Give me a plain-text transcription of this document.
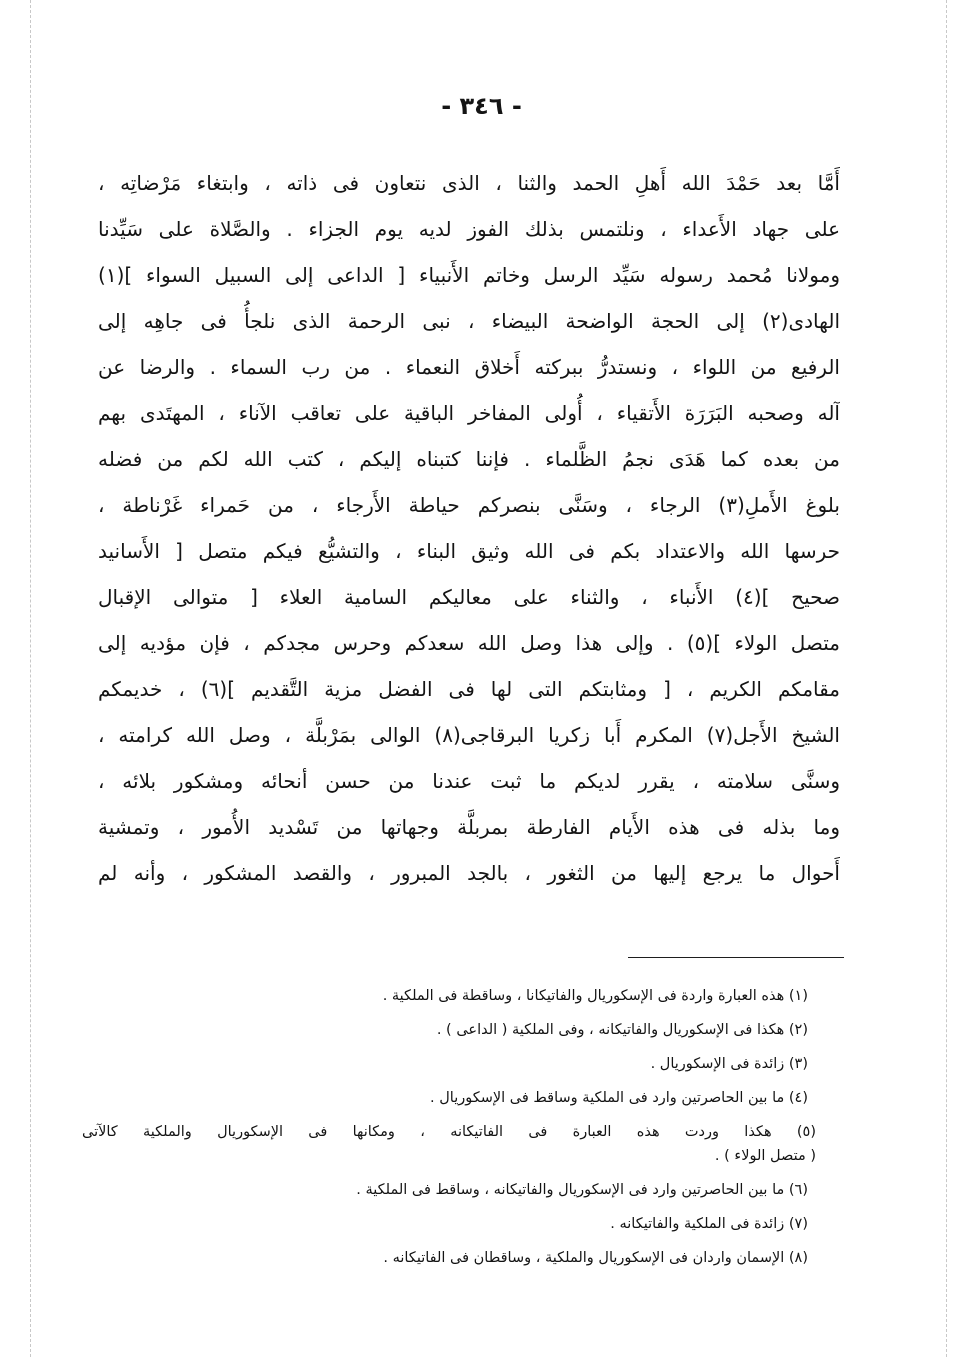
- ٣٤٦ -
أَمَّا بعد حَمْدَ الله أَهلِ الحمد والثنا ، الذى نتعاون فى ذاته ، وابتغاء مَرْضاتِه ،
على جهاد الأَعداء ، ونلتمس بذلك الفوز لديه يوم الجزاء . والصَّلاة على سَيِّدنا
ومولانا مُحمد رسوله سَيِّد الرسل وخاتم الأَنبياء [ الداعى إلى السبيل السواء ](١)
الهادى(٢) إلى الحجة الواضحة البيضاء ، نبى الرحمة الذى نلجأُ فى جاهِه إلى
الرفيع من اللواء ، ونستدرُّ ببركته أَخلاق النعماء . من رب السماء . والرضا عن
آله وصحبه البَرَرَة الأَتقياء ، أُولى المفاخر الباقية على تعاقب الآناء ، المهتَدى بهم
من بعده كما هَدَى نجمُ الظَّلماء . فإننا كتبناه إليكم ، كتب الله لكم من فضله
بلوغ الأَملِ(٣) الرجاء ، وسَنَّى بنصركم حياطة الأَرجاء ، من حَمراء غَرْناطة ،
حرسها الله والاعتداد بكم فى الله وثيق البناء ، والتشيُّع فيكم متصل [ الأَسانيد
صحيح ](٤) الأَنباء ، والثناء على معاليكم السامية العلاء [ متوالى الإقبال
متصل الولاء ](٥) . وإلى هذا وصل الله سعدكم وحرس مجدكم ، فإن مؤديه إلى
مقامكم الكريم ، [ ومثابتكم التى لها فى الفضل مزية التَّقديم ](٦) ، خديمكم
الشيخ الأَجل(٧) المكرم أَبا زكريا البرقاجى(٨) الوالى بمَرْبلَّة ، وصل الله كرامته ،
وسنَّى سلامته ، يقرر لديكم ما ثبت عندنا من حسن أنحائه ومشكور بلائه ،
وما بذله فى هذه الأَيام الفارطة بمربلَّة وجهاتها من تَسْديد الأُمور ، وتمشية
أَحوال ما يرجع إليها من الثغور ، بالجد المبرور ، والقصد المشكور ، وأنه لم
(١) هذه العبارة واردة فى الإسكوريال والفاتيكانا ، وساقطة فى الملكية .
(٢) هكذا فى الإسكوريال والفاتيكانه ، وفى الملكية ( الداعى ) .
(٣) زائدة فى الإسكوريال .
(٤) ما بين الحاصرتين وارد فى الملكية وساقط فى الإسكوريال .
(٥) هكذا وردت هذه العبارة فى الفاتيكانه ، ومكانها فى الإسكوريال والملكية كالآتى
( متصل الولاء ) .
(٦) ما بين الحاصرتين وارد فى الإسكوريال والفاتيكانه ، وساقط فى الملكية .
(٧) زائدة فى الملكية والفاتيكانه .
(٨) الإسمان واردان فى الإسكوريال والملكية ، وساقطان فى الفاتيكانه .
